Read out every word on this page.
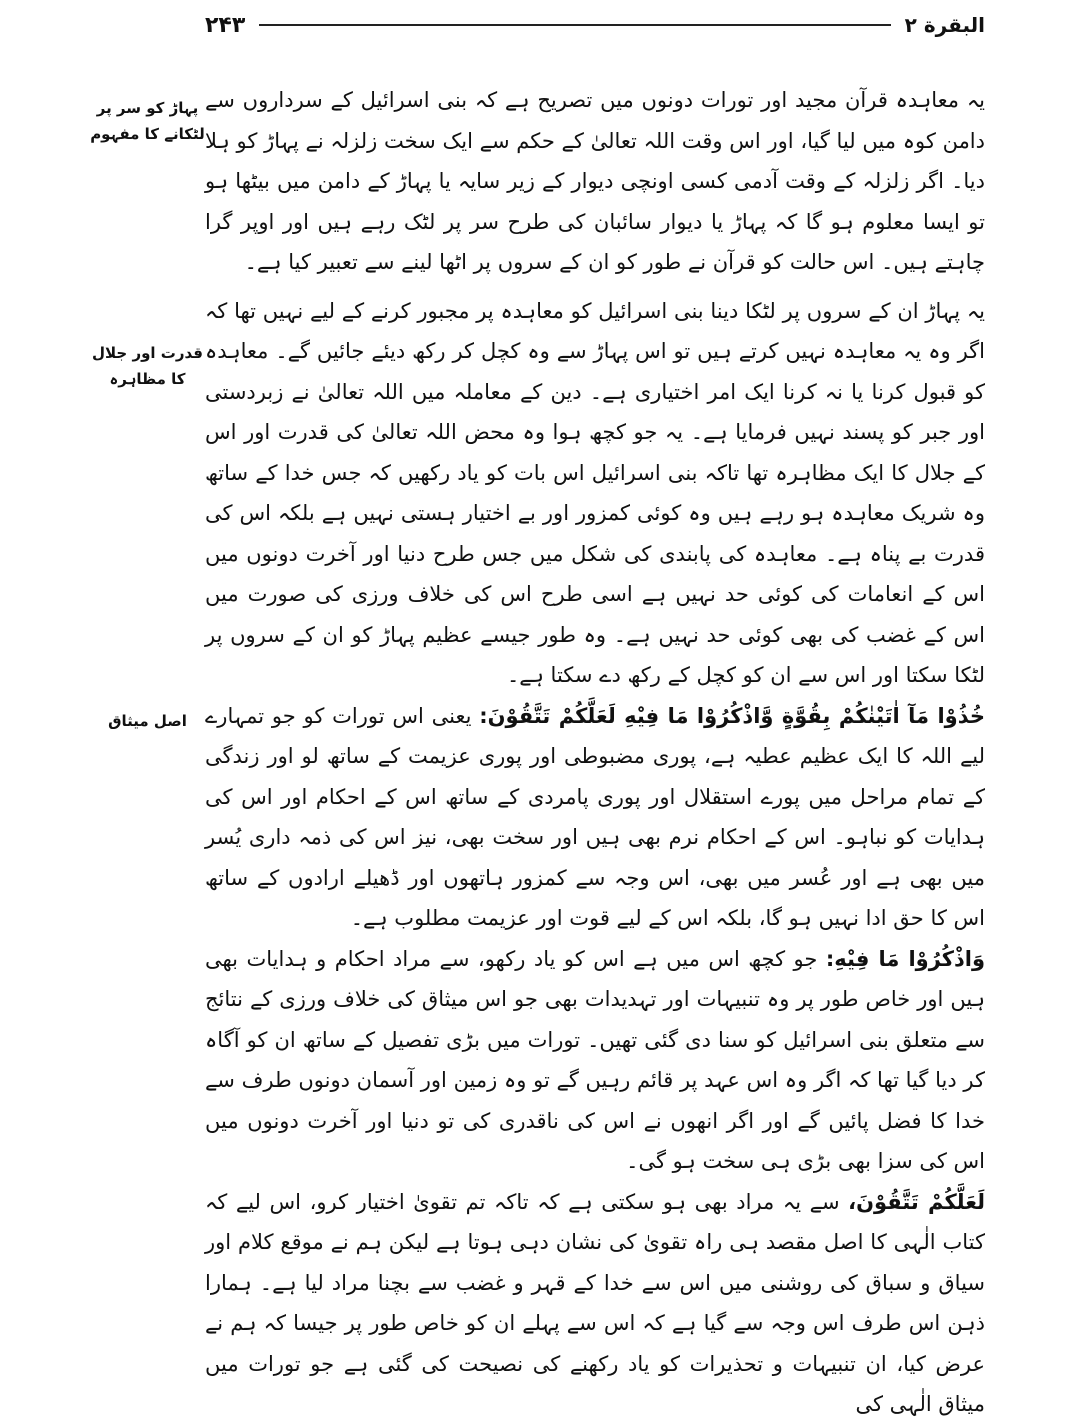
۲۴۳	البقرة ۲
پہاڑ کو سر پر لٹکانے کا مفہوم
قدرت اور جلال کا مظاہرہ
اصل میثاق

یہ معاہدہ قرآن مجید اور تورات دونوں میں تصریح ہے کہ بنی اسرائیل کے سرداروں سے دامن کوہ میں لیا گیا، اور اس وقت اللہ تعالیٰ کے حکم سے ایک سخت زلزلہ نے پہاڑ کو ہلا دیا۔ اگر زلزلہ کے وقت آدمی کسی اونچی دیوار کے زیر سایہ یا پہاڑ کے دامن میں بیٹھا ہو تو ایسا معلوم ہو گا کہ پہاڑ یا دیوار سائبان کی طرح سر پر لٹک رہے ہیں اور اوپر گرا چاہتے ہیں۔ اس حالت کو قرآن نے طور کو ان کے سروں پر اٹھا لینے سے تعبیر کیا ہے۔

یہ پہاڑ ان کے سروں پر لٹکا دینا بنی اسرائیل کو معاہدہ پر مجبور کرنے کے لیے نہیں تھا کہ اگر وہ یہ معاہدہ نہیں کرتے ہیں تو اس پہاڑ سے وہ کچل کر رکھ دیئے جائیں گے۔ معاہدہ کو قبول کرنا یا نہ کرنا ایک امر اختیاری ہے۔ دین کے معاملہ میں اللہ تعالیٰ نے زبردستی اور جبر کو پسند نہیں فرمایا ہے۔ یہ جو کچھ ہوا وہ محض اللہ تعالیٰ کی قدرت اور اس کے جلال کا ایک مظاہرہ تھا تاکہ بنی اسرائیل اس بات کو یاد رکھیں کہ جس خدا کے ساتھ وہ شریک معاہدہ ہو رہے ہیں وہ کوئی کمزور اور بے اختیار ہستی نہیں ہے بلکہ اس کی قدرت بے پناہ ہے۔ معاہدہ کی پابندی کی شکل میں جس طرح دنیا اور آخرت دونوں میں اس کے انعامات کی کوئی حد نہیں ہے اسی طرح اس کی خلاف ورزی کی صورت میں اس کے غضب کی بھی کوئی حد نہیں ہے۔ وہ طور جیسے عظیم پہاڑ کو ان کے سروں پر لٹکا سکتا اور اس سے ان کو کچل کے رکھ دے سکتا ہے۔

خُذُوْا مَآ اٰتَيْنٰكُمْ بِقُوَّةٍ وَّاذْكُرُوْا مَا فِيْهِ لَعَلَّكُمْ تَتَّقُوْنَ: یعنی اس تورات کو جو تمہارے لیے اللہ کا ایک عظیم عطیہ ہے، پوری مضبوطی اور پوری عزیمت کے ساتھ لو اور زندگی کے تمام مراحل میں پورے استقلال اور پوری پامردی کے ساتھ اس کے احکام اور اس کی ہدایات کو نباہو۔ اس کے احکام نرم بھی ہیں اور سخت بھی، نیز اس کی ذمہ داری یُسر میں بھی ہے اور عُسر میں بھی، اس وجہ سے کمزور ہاتھوں اور ڈھیلے ارادوں کے ساتھ اس کا حق ادا نہیں ہو گا، بلکہ اس کے لیے قوت اور عزیمت مطلوب ہے۔

وَاذْكُرُوْا مَا فِيْهِ: جو کچھ اس میں ہے اس کو یاد رکھو، سے مراد احکام و ہدایات بھی ہیں اور خاص طور پر وہ تنبیہات اور تہدیدات بھی جو اس میثاق کی خلاف ورزی کے نتائج سے متعلق بنی اسرائیل کو سنا دی گئی تھیں۔ تورات میں بڑی تفصیل کے ساتھ ان کو آگاہ کر دیا گیا تھا کہ اگر وہ اس عہد پر قائم رہیں گے تو وہ زمین اور آسمان دونوں طرف سے خدا کا فضل پائیں گے اور اگر انھوں نے اس کی ناقدری کی تو دنیا اور آخرت دونوں میں اس کی سزا بھی بڑی ہی سخت ہو گی۔

لَعَلَّكُمْ تَتَّقُوْنَ، سے یہ مراد بھی ہو سکتی ہے کہ تاکہ تم تقویٰ اختیار کرو، اس لیے کہ کتاب الٰہی کا اصل مقصد ہی راہ تقویٰ کی نشان دہی ہوتا ہے لیکن ہم نے موقع کلام اور سیاق و سباق کی روشنی میں اس سے خدا کے قہر و غضب سے بچنا مراد لیا ہے۔ ہمارا ذہن اس طرف اس وجہ سے گیا ہے کہ اس سے پہلے ان کو خاص طور پر جیسا کہ ہم نے عرض کیا، ان تنبیہات و تحذیرات کو یاد رکھنے کی نصیحت کی گئی ہے جو تورات میں میثاق الٰہی کی
